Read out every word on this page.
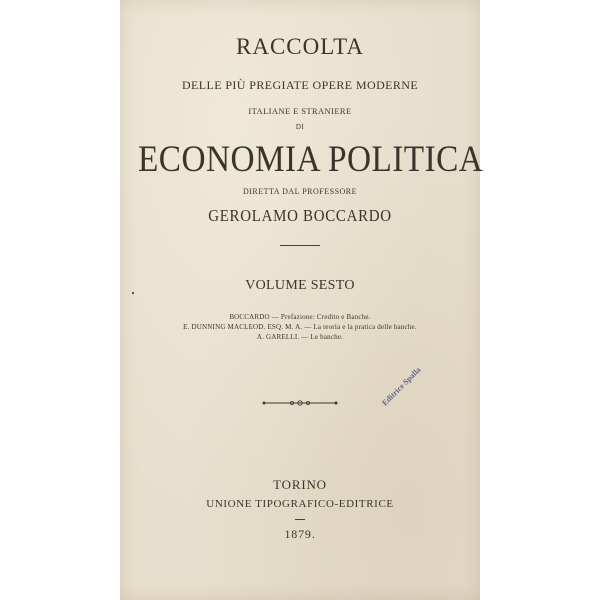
RACCOLTA
DELLE PIÙ PREGIATE OPERE MODERNE
ITALIANE E STRANIERE
DI
ECONOMIA POLITICA
DIRETTA DAL PROFESSORE
GEROLAMO BOCCARDO
VOLUME SESTO
BOCCARDO — Prefazione: Credito e Banche.
E. DUNNING MACLEOD. ESQ. M. A. — La teoria e la pratica delle banche.
A. GARELLI. — Le banche.
Editrice Spalla
TORINO
UNIONE TIPOGRAFICO-EDITRICE
1879.
